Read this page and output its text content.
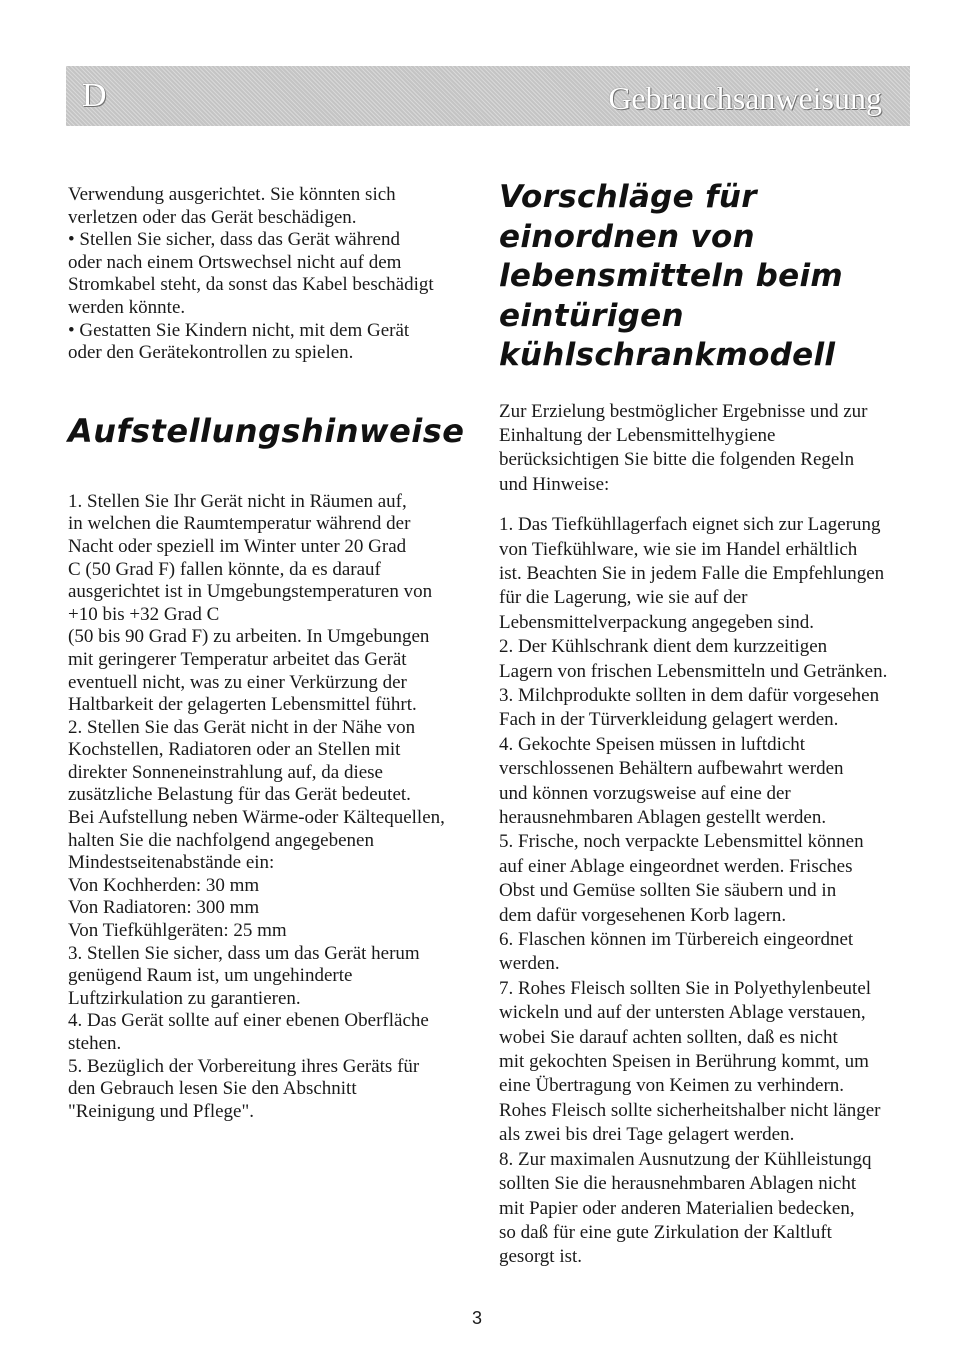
D	Gebrauchsanweisung

Verwendung ausgerichtet. Sie könnten sich

verletzen oder das Gerät beschädigen.

• Stellen Sie sicher, dass das Gerät während

oder nach einem Ortswechsel nicht auf dem

Stromkabel steht, da sonst das Kabel beschädigt

werden könnte.

• Gestatten Sie Kindern nicht, mit dem Gerät

oder den Gerätekontrollen zu spielen.

Aufstellungshinweise

1. Stellen Sie Ihr Gerät nicht in Räumen auf,

in welchen die Raumtemperatur während der

Nacht oder speziell im Winter unter 20 Grad

C (50 Grad F) fallen könnte, da es darauf

ausgerichtet ist in Umgebungstemperaturen von

+10 bis +32 Grad C

(50 bis 90 Grad F) zu arbeiten. In Umgebungen

mit geringerer Temperatur arbeitet das Gerät

eventuell nicht, was zu einer Verkürzung der

Haltbarkeit der gelagerten Lebensmittel führt.

2. Stellen Sie das Gerät nicht in der Nähe von

Kochstellen, Radiatoren oder an Stellen mit

direkter Sonneneinstrahlung auf, da diese

zusätzliche Belastung für das Gerät bedeutet.

Bei Aufstellung neben Wärme-oder Kältequellen,

halten Sie die nachfolgend angegebenen

Mindestseitenabstände ein:

Von Kochherden: 30 mm

Von Radiatoren: 300 mm

Von Tiefkühlgeräten: 25 mm

3. Stellen Sie sicher, dass um das Gerät herum

genügend Raum ist, um ungehinderte

Luftzirkulation zu garantieren.

4. Das Gerät sollte auf einer ebenen Oberfläche

stehen.

5. Bezüglich der Vorbereitung ihres Geräts für

den Gebrauch lesen Sie den Abschnitt

"Reinigung und Pflege".

Vorschläge für
einordnen von
lebensmitteln beim
eintürigen
kühlschrankmodell

Zur Erzielung bestmöglicher Ergebnisse und zur

Einhaltung der Lebensmittelhygiene

berücksichtigen Sie bitte die folgenden Regeln

und Hinweise:

1. Das Tiefkühllagerfach eignet sich zur Lagerung

von Tiefkühlware, wie sie im Handel erhältlich

ist. Beachten Sie in jedem Falle die Empfehlungen

für die Lagerung, wie sie auf der

Lebensmittelverpackung angegeben sind.

2. Der Kühlschrank dient dem kurzzeitigen

Lagern von frischen Lebensmitteln und Getränken.

3. Milchprodukte sollten in dem dafür vorgesehen

Fach in der Türverkleidung gelagert werden.

4. Gekochte Speisen müssen in luftdicht

verschlossenen Behältern aufbewahrt werden

und können vorzugsweise auf eine der

herausnehmbaren Ablagen gestellt werden.

5. Frische, noch verpackte Lebensmittel können

auf einer Ablage eingeordnet werden. Frisches

Obst und Gemüse sollten Sie säubern und in

dem dafür vorgesehenen Korb lagern.

6. Flaschen können im Türbereich eingeordnet

werden.

7. Rohes Fleisch sollten Sie in Polyethylenbeutel

wickeln und auf der untersten Ablage verstauen,

wobei Sie darauf achten sollten, daß es nicht

mit gekochten Speisen in Berührung kommt, um

eine Übertragung von Keimen zu verhindern.

Rohes Fleisch sollte sicherheitshalber nicht länger

als zwei bis drei Tage gelagert werden.

8. Zur maximalen Ausnutzung der Kühlleistungq

sollten Sie die herausnehmbaren Ablagen nicht

mit Papier oder anderen Materialien bedecken,

so daß für eine gute Zirkulation der Kaltluft

gesorgt ist.

3
